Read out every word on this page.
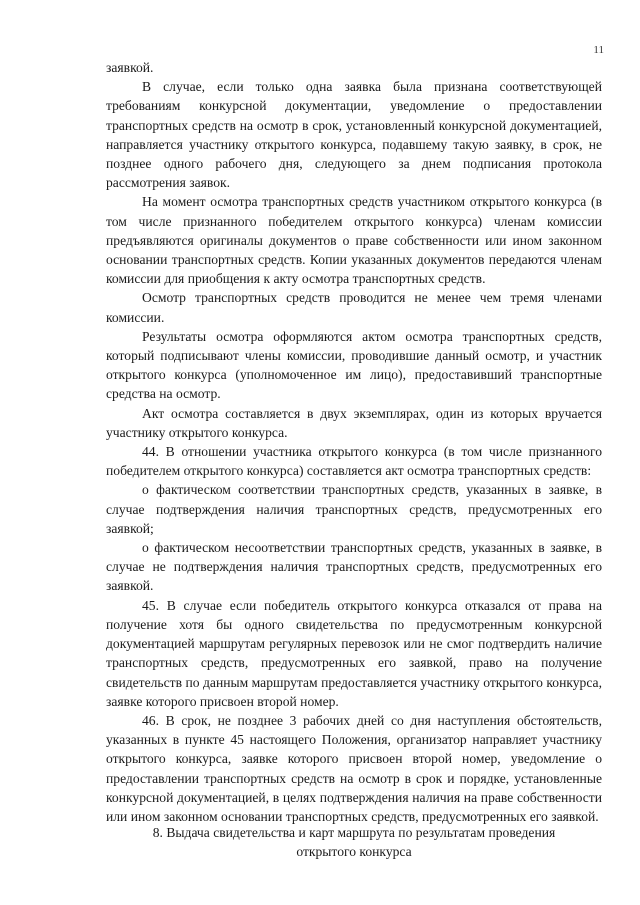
11

заявкой.

В случае, если только одна заявка была признана соответствующей требованиям конкурсной документации, уведомление о предоставлении транспортных средств на осмотр в срок, установленный конкурсной документацией, направляется участнику открытого конкурса, подавшему такую заявку, в срок, не позднее одного рабочего дня, следующего за днем подписания протокола рассмотрения заявок.

На момент осмотра транспортных средств участником открытого конкурса (в том числе признанного победителем открытого конкурса) членам комиссии предъявляются оригиналы документов о праве собственности или ином законном основании транспортных средств. Копии указанных документов передаются членам комиссии для приобщения к акту осмотра транспортных средств.

Осмотр транспортных средств проводится не менее чем тремя членами комиссии.

Результаты осмотра оформляются актом осмотра транспортных средств, который подписывают члены комиссии, проводившие данный осмотр, и участник открытого конкурса (уполномоченное им лицо), предоставивший транспортные средства на осмотр.

Акт осмотра составляется в двух экземплярах, один из которых вручается участнику открытого конкурса.

44. В отношении участника открытого конкурса (в том числе признанного победителем открытого конкурса) составляется акт осмотра транспортных средств:

о фактическом соответствии транспортных средств, указанных в заявке, в случае подтверждения наличия транспортных средств, предусмотренных его заявкой;

о фактическом несоответствии транспортных средств, указанных в заявке, в случае не подтверждения наличия транспортных средств, предусмотренных его заявкой.

45. В случае если победитель открытого конкурса отказался от права на получение хотя бы одного свидетельства по предусмотренным конкурсной документацией маршрутам регулярных перевозок или не смог подтвердить наличие транспортных средств, предусмотренных его заявкой, право на получение свидетельств по данным маршрутам предоставляется участнику открытого конкурса, заявке которого присвоен второй номер.

46. В срок, не позднее 3 рабочих дней со дня наступления обстоятельств, указанных в пункте 45 настоящего Положения, организатор направляет участнику открытого конкурса, заявке которого присвоен второй номер, уведомление о предоставлении транспортных средств на осмотр в срок и порядке, установленные конкурсной документацией, в целях подтверждения наличия на праве собственности или ином законном основании транспортных средств, предусмотренных его заявкой.

8. Выдача свидетельства и карт маршрута по результатам проведения
открытого конкурса
